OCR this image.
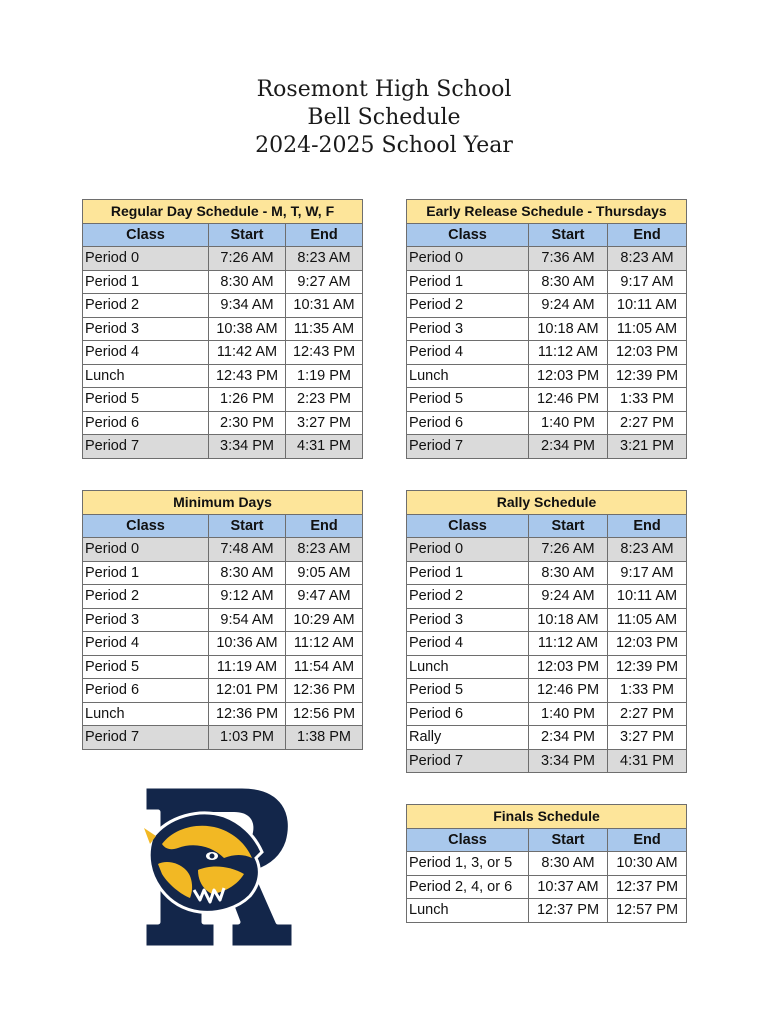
Rosemont High School
Bell Schedule
2024-2025 School Year
Regular Day Schedule - M, T, W, F		
Class	Start	End
Period 0	7:26 AM	8:23 AM
Period 1	8:30 AM	9:27 AM
Period 2	9:34 AM	10:31 AM
Period 3	10:38 AM	11:35 AM
Period 4	11:42 AM	12:43 PM
Lunch	12:43 PM	1:19 PM
Period 5	1:26 PM	2:23 PM
Period 6	2:30 PM	3:27 PM
Period 7	3:34 PM	4:31 PM
Early Release Schedule - Thursdays		
Class	Start	End
Period 0	7:36 AM	8:23 AM
Period 1	8:30 AM	9:17 AM
Period 2	9:24 AM	10:11 AM
Period 3	10:18 AM	11:05 AM
Period 4	11:12 AM	12:03 PM
Lunch	12:03 PM	12:39 PM
Period 5	12:46 PM	1:33 PM
Period 6	1:40 PM	2:27 PM
Period 7	2:34 PM	3:21 PM
Minimum Days		
Class	Start	End
Period 0	7:48 AM	8:23 AM
Period 1	8:30 AM	9:05 AM
Period 2	9:12 AM	9:47 AM
Period 3	9:54 AM	10:29 AM
Period 4	10:36 AM	11:12 AM
Period 5	11:19 AM	11:54 AM
Period 6	12:01 PM	12:36 PM
Lunch	12:36 PM	12:56 PM
Period 7	1:03 PM	1:38 PM
Rally Schedule		
Class	Start	End
Period 0	7:26 AM	8:23 AM
Period 1	8:30 AM	9:17 AM
Period 2	9:24 AM	10:11 AM
Period 3	10:18 AM	11:05 AM
Period 4	11:12 AM	12:03 PM
Lunch	12:03 PM	12:39 PM
Period 5	12:46 PM	1:33 PM
Period 6	1:40 PM	2:27 PM
Rally	2:34 PM	3:27 PM
Period 7	3:34 PM	4:31 PM
Finals Schedule		
Class	Start	End
Period 1, 3, or 5	8:30 AM	10:30 AM
Period 2, 4, or 6	10:37 AM	12:37 PM
Lunch	12:37 PM	12:57 PM
